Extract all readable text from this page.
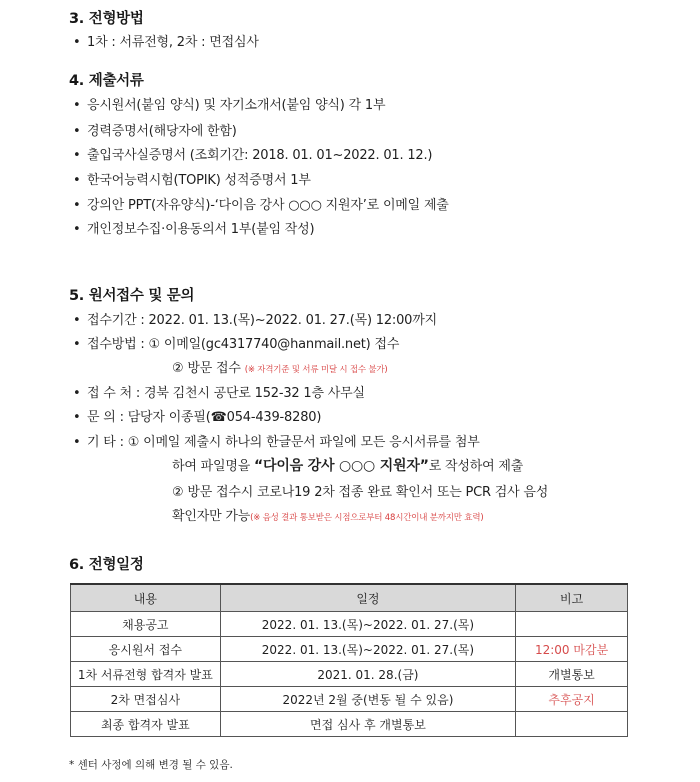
3. 전형방법
• 1차 : 서류전형, 2차 : 면접심사
4. 제출서류
• 응시원서(붙임 양식) 및 자기소개서(붙임 양식) 각 1부
• 경력증명서(해당자에 한함)
• 출입국사실증명서 (조회기간: 2018. 01. 01~2022. 01. 12.)
• 한국어능력시험(TOPIK) 성적증명서 1부
• 강의안 PPT(자유양식)-‘다이음 강사 ○○○ 지원자’로 이메일 제출
• 개인정보수집·이용동의서 1부(붙임 작성)
5. 원서접수 및 문의
• 접수기간 : 2022. 01. 13.(목)~2022. 01. 27.(목) 12:00까지
• 접수방법 : ① 이메일(gc4317740@hanmail.net) 접수
② 방문 접수 (※ 자격기준 및 서류 미달 시 접수 불가)
• 접 수 처 : 경북 김천시 공단로 152-32 1층 사무실
• 문 의 : 담당자 이종필(☎054-439-8280)
• 기 타 : ① 이메일 제출시 하나의 한글문서 파일에 모든 응시서류를 첨부
하여 파일명을 “다이음 강사 ○○○ 지원자”로 작성하여 제출
② 방문 접수시 코로나19 2차 접종 완료 확인서 또는 PCR 검사 음성
확인자만 가능(※ 음성 결과 통보받은 시점으로부터 48시간이내 분까지만 효력)
6. 전형일정
내용	일정	비고
채용공고	2022. 01. 13.(목)~2022. 01. 27.(목)	
응시원서 접수	2022. 01. 13.(목)~2022. 01. 27.(목)	12:00 마감분
1차 서류전형 합격자 발표	2021. 01. 28.(금)	개별통보
2차 면접심사	2022년 2월 중(변동 될 수 있음)	추후공지
최종 합격자 발표	면접 심사 후 개별통보	
* 센터 사정에 의해 변경 될 수 있음.
